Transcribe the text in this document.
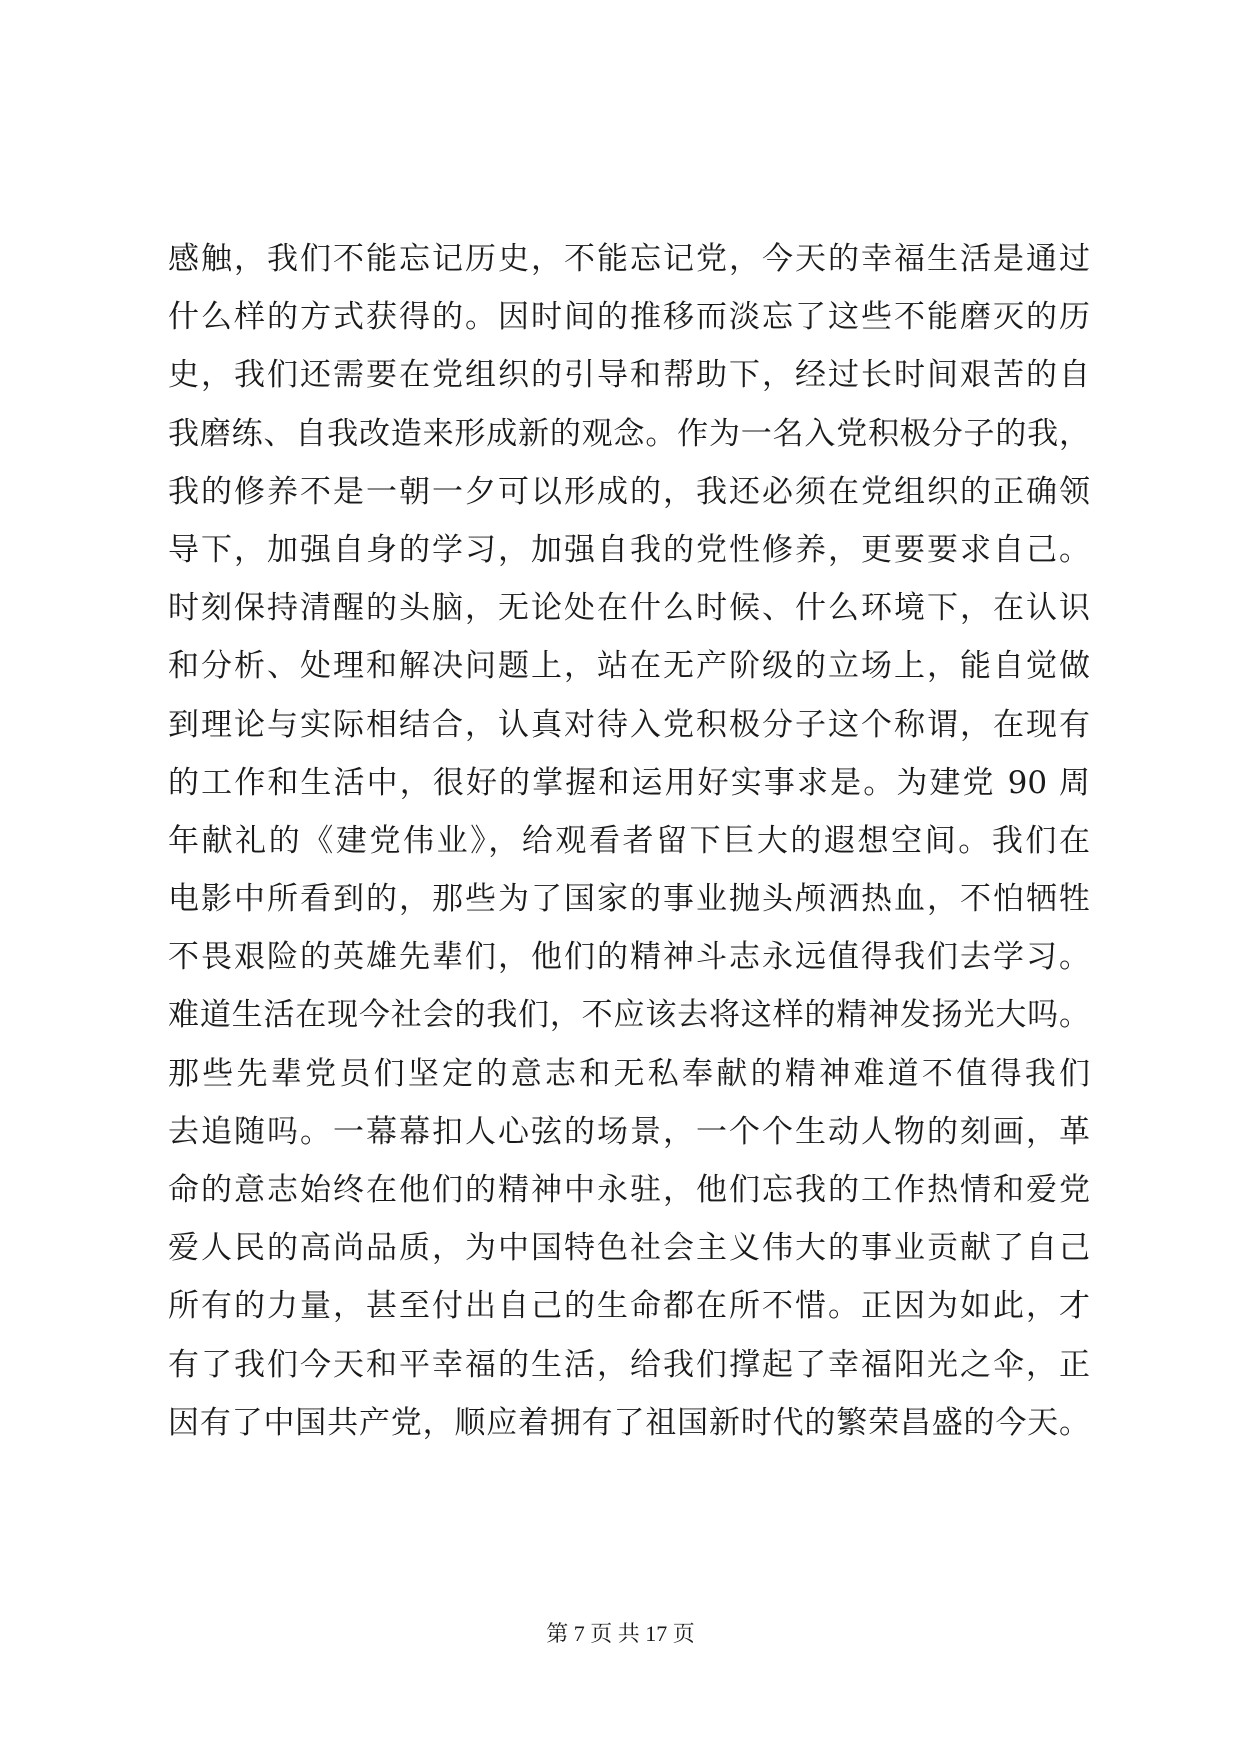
感触，我们不能忘记历史，不能忘记党，今天的幸福生活是通过
什么样的方式获得的。因时间的推移而淡忘了这些不能磨灭的历
史，我们还需要在党组织的引导和帮助下，经过长时间艰苦的自
我磨练、自我改造来形成新的观念。作为一名入党积极分子的我，
我的修养不是一朝一夕可以形成的，我还必须在党组织的正确领
导下，加强自身的学习，加强自我的党性修养，更要要求自己。
时刻保持清醒的头脑，无论处在什么时候、什么环境下，在认识
和分析、处理和解决问题上，站在无产阶级的立场上，能自觉做
到理论与实际相结合，认真对待入党积极分子这个称谓，在现有
的工作和生活中，很好的掌握和运用好实事求是。为建党 90 周
年献礼的《建党伟业》，给观看者留下巨大的遐想空间。我们在
电影中所看到的，那些为了国家的事业抛头颅洒热血，不怕牺牲
不畏艰险的英雄先辈们，他们的精神斗志永远值得我们去学习。
难道生活在现今社会的我们，不应该去将这样的精神发扬光大吗。
那些先辈党员们坚定的意志和无私奉献的精神难道不值得我们
去追随吗。一幕幕扣人心弦的场景，一个个生动人物的刻画，革
命的意志始终在他们的精神中永驻，他们忘我的工作热情和爱党
爱人民的高尚品质，为中国特色社会主义伟大的事业贡献了自己
所有的力量，甚至付出自己的生命都在所不惜。正因为如此，才
有了我们今天和平幸福的生活，给我们撑起了幸福阳光之伞，正
因有了中国共产党，顺应着拥有了祖国新时代的繁荣昌盛的今天。
第 7 页 共 17 页
